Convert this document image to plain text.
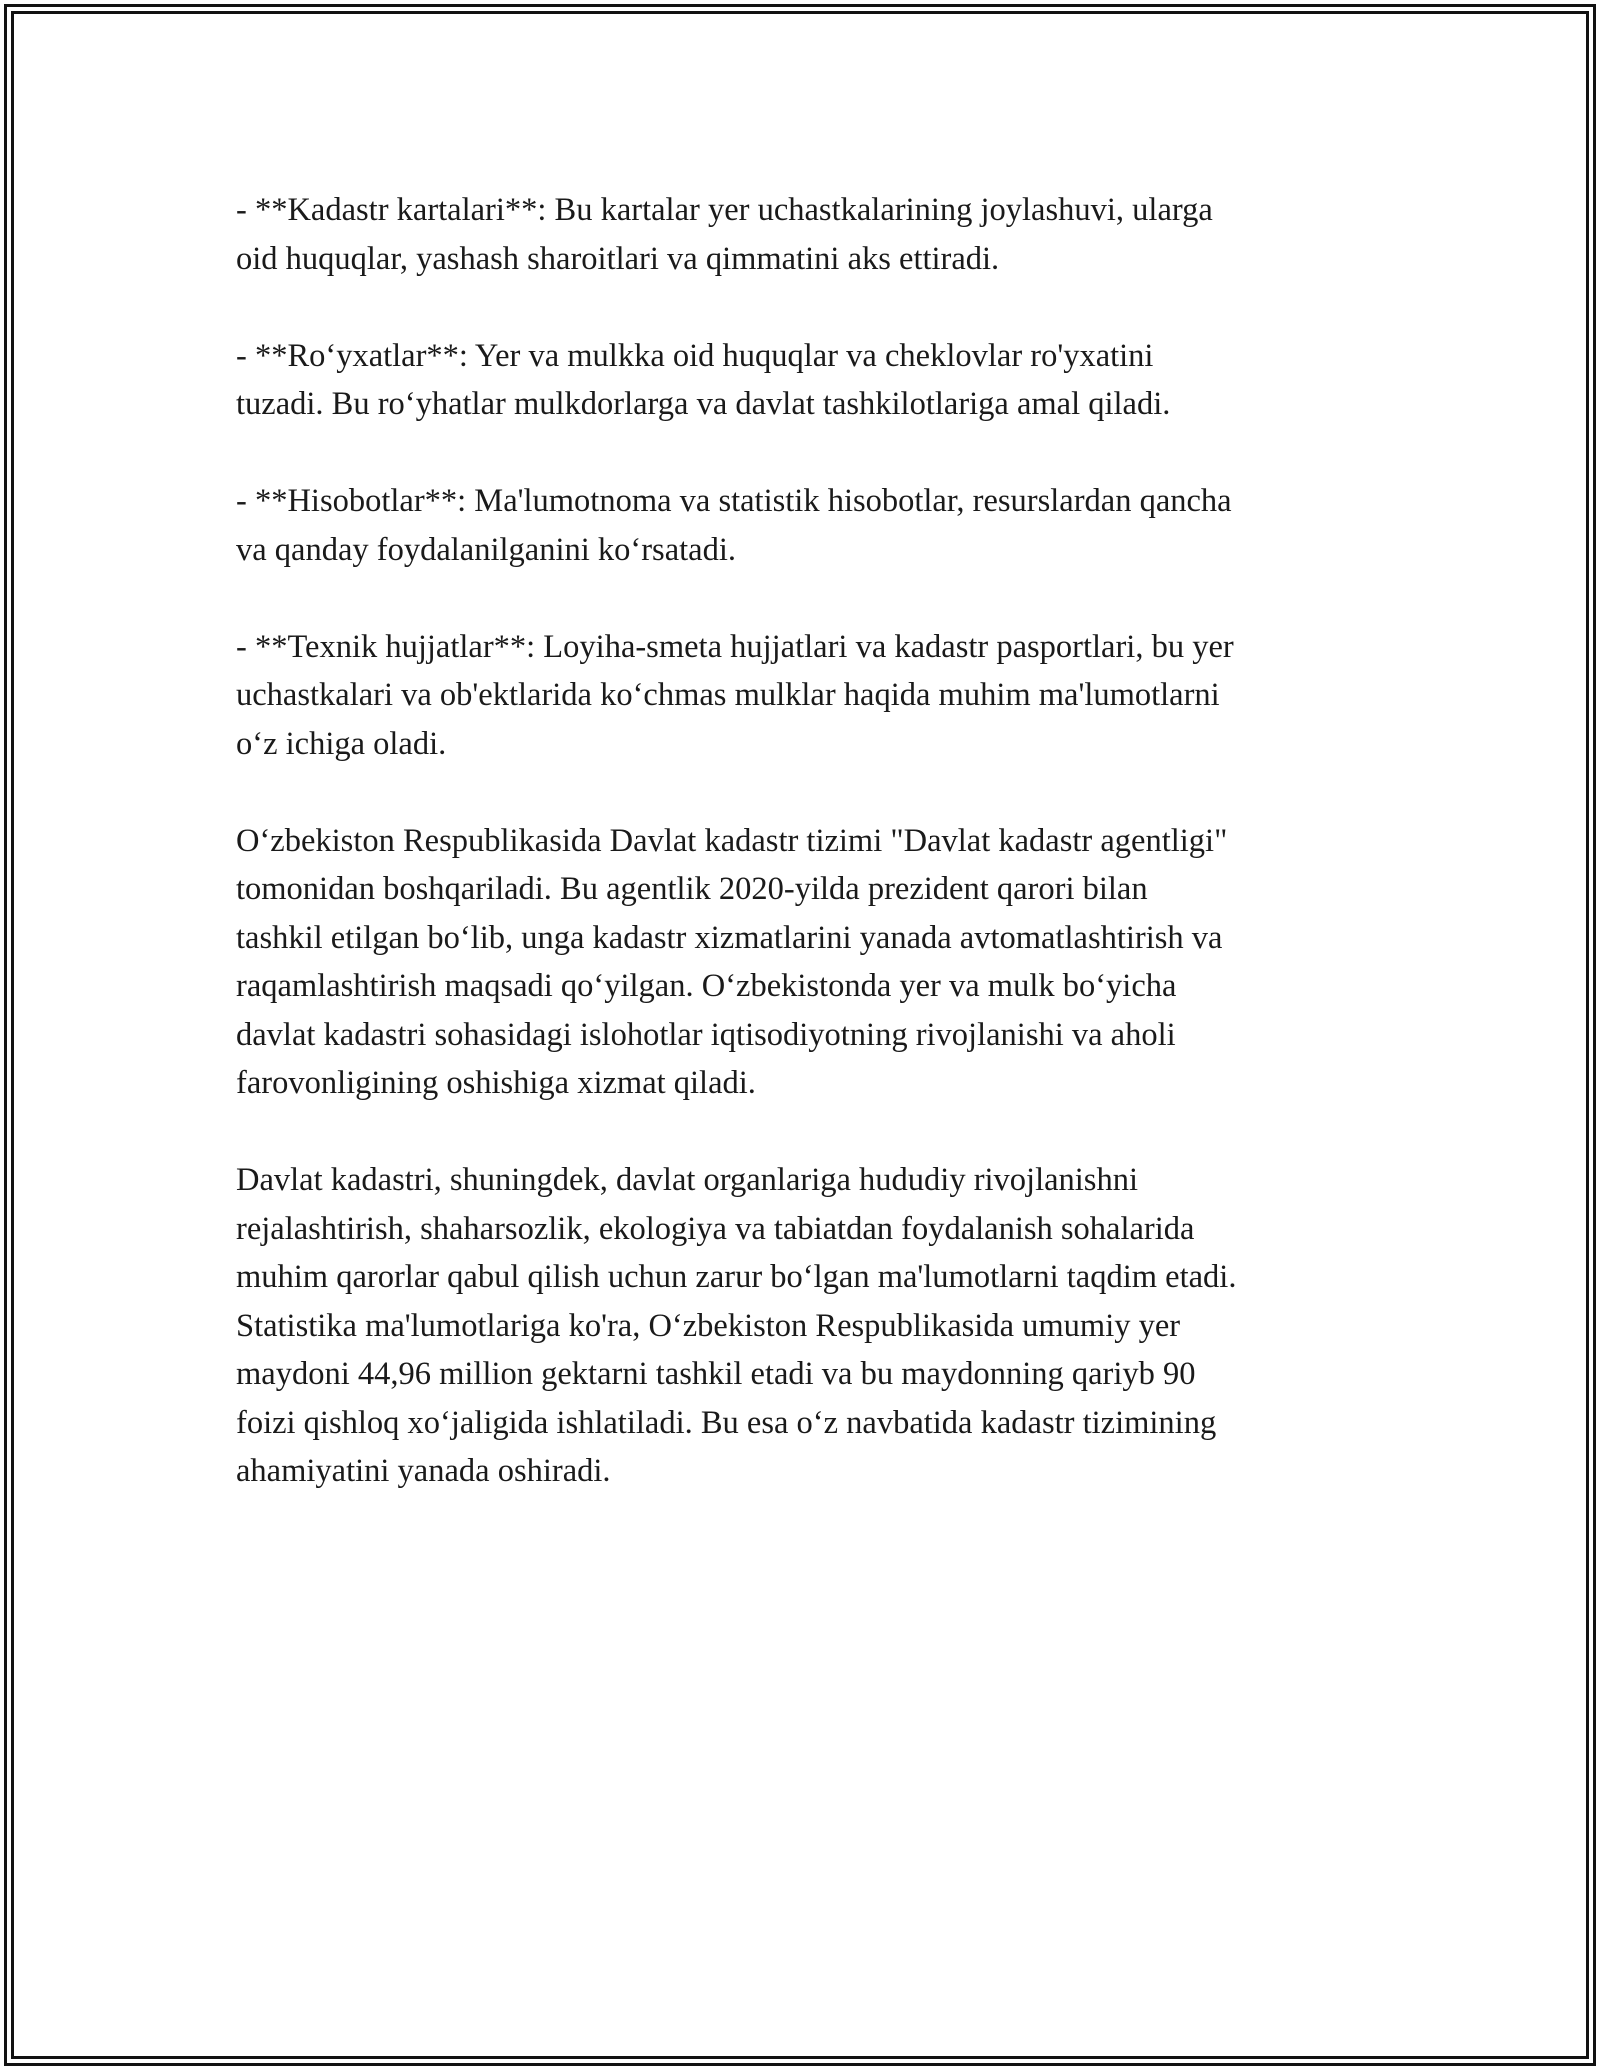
- **Kadastr kartalari**: Bu kartalar yer uchastkalarining joylashuvi, ularga
oid huquqlar, yashash sharoitlari va qimmatini aks ettiradi.

- **Ro‘yxatlar**: Yer va mulkka oid huquqlar va cheklovlar ro'yxatini
tuzadi. Bu ro‘yhatlar mulkdorlarga va davlat tashkilotlariga amal qiladi.

- **Hisobotlar**: Ma'lumotnoma va statistik hisobotlar, resurslardan qancha
va qanday foydalanilganini ko‘rsatadi.

- **Texnik hujjatlar**: Loyiha-smeta hujjatlari va kadastr pasportlari, bu yer
uchastkalari va ob'ektlarida ko‘chmas mulklar haqida muhim ma'lumotlarni
o‘z ichiga oladi.

O‘zbekiston Respublikasida Davlat kadastr tizimi "Davlat kadastr agentligi"
tomonidan boshqariladi. Bu agentlik 2020-yilda prezident qarori bilan
tashkil etilgan bo‘lib, unga kadastr xizmatlarini yanada avtomatlashtirish va
raqamlashtirish maqsadi qo‘yilgan. O‘zbekistonda yer va mulk bo‘yicha
davlat kadastri sohasidagi islohotlar iqtisodiyotning rivojlanishi va aholi
farovonligining oshishiga xizmat qiladi.

Davlat kadastri, shuningdek, davlat organlariga hududiy rivojlanishni
rejalashtirish, shaharsozlik, ekologiya va tabiatdan foydalanish sohalarida
muhim qarorlar qabul qilish uchun zarur bo‘lgan ma'lumotlarni taqdim etadi.
Statistika ma'lumotlariga ko'ra, O‘zbekiston Respublikasida umumiy yer
maydoni 44,96 million gektarni tashkil etadi va bu maydonning qariyb 90
foizi qishloq xo‘jaligida ishlatiladi. Bu esa o‘z navbatida kadastr tizimining
ahamiyatini yanada oshiradi.
